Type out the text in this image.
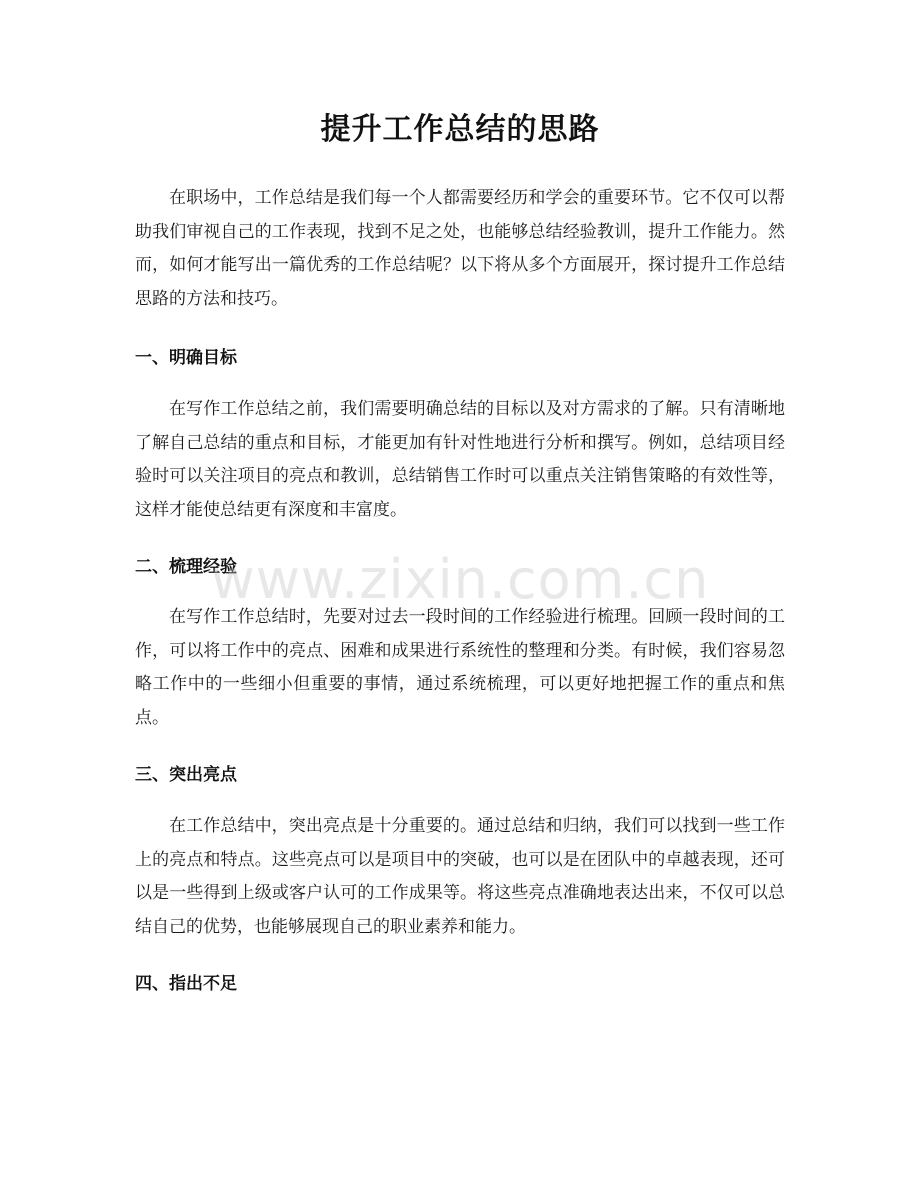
提升工作总结的思路

在职场中，工作总结是我们每一个人都需要经历和学会的重要环节。它不仅可以帮助我们审视自己的工作表现，找到不足之处，也能够总结经验教训，提升工作能力。然而，如何才能写出一篇优秀的工作总结呢？以下将从多个方面展开，探讨提升工作总结思路的方法和技巧。

一、明确目标

在写作工作总结之前，我们需要明确总结的目标以及对方需求的了解。只有清晰地了解自己总结的重点和目标，才能更加有针对性地进行分析和撰写。例如，总结项目经验时可以关注项目的亮点和教训，总结销售工作时可以重点关注销售策略的有效性等，这样才能使总结更有深度和丰富度。

二、梳理经验

在写作工作总结时，先要对过去一段时间的工作经验进行梳理。回顾一段时间的工作，可以将工作中的亮点、困难和成果进行系统性的整理和分类。有时候，我们容易忽略工作中的一些细小但重要的事情，通过系统梳理，可以更好地把握工作的重点和焦点。

三、突出亮点

在工作总结中，突出亮点是十分重要的。通过总结和归纳，我们可以找到一些工作上的亮点和特点。这些亮点可以是项目中的突破，也可以是在团队中的卓越表现，还可以是一些得到上级或客户认可的工作成果等。将这些亮点准确地表达出来，不仅可以总结自己的优势，也能够展现自己的职业素养和能力。

四、指出不足
www.zixin.com.cn
